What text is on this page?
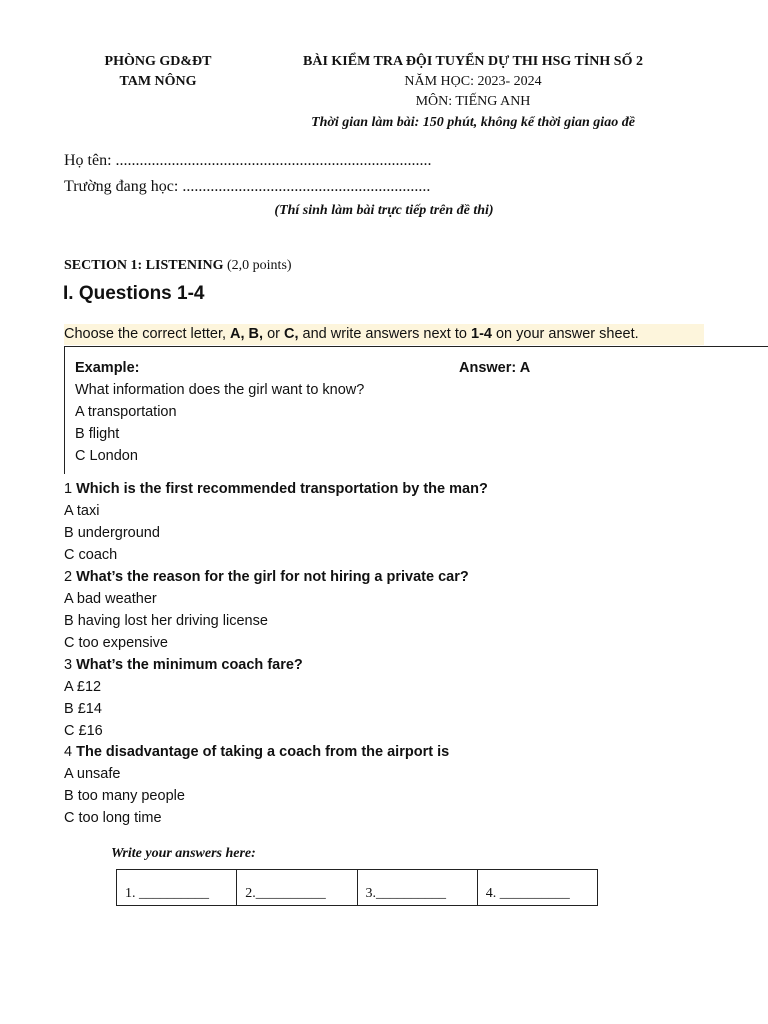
PHÒNG GD&ĐT
TAM NÔNG
BÀI KIỂM TRA ĐỘI TUYỂN DỰ THI HSG TỈNH SỐ 2
NĂM HỌC: 2023- 2024
MÔN: TIẾNG ANH
Thời gian làm bài: 150 phút, không kể thời gian giao đề
Họ tên: ...............................................................................
Trường đang học: ..............................................................
(Thí sinh làm bài trực tiếp trên đề thi)
SECTION 1: LISTENING (2,0 points)
I. Questions 1-4
Choose the correct letter, A, B, or C, and write answers next to 1-4 on your answer sheet.
Example:	Answer: A
What information does the girl want to know?
A transportation
B flight
C London
1 Which is the first recommended transportation by the man?
A taxi
B underground
C coach
2 What’s the reason for the girl for not hiring a private car?
A bad weather
B having lost her driving license
C too expensive
3 What’s the minimum coach fare?
A £12
B £14
C £16
4 The disadvantage of taking a coach from the airport is
A unsafe
B too many people
C too long time
Write your answers here:
1. __________	2.__________	3.__________	4. __________
